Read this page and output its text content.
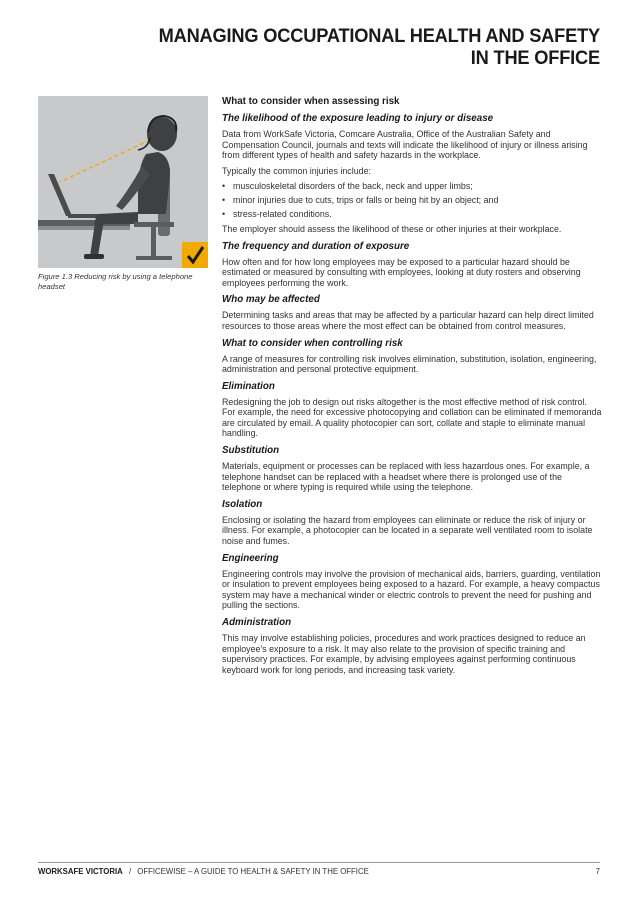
MANAGING OCCUPATIONAL HEALTH AND SAFETY
IN THE OFFICE
Figure 1.3 Reducing risk by using a telephone headset
What to consider when assessing risk
The likelihood of the exposure leading to injury or disease

Data from WorkSafe Victoria, Comcare Australia, Office of the Australian Safety and Compensation Council, journals and texts will indicate the likelihood of injury or illness arising from different types of health and safety hazards in the workplace.

Typically the common injuries include:

• musculoskeletal disorders of the back, neck and upper limbs;
• minor injuries due to cuts, trips or falls or being hit by an object; and
• stress-related conditions.

The employer should assess the likelihood of these or other injuries at their workplace.

The frequency and duration of exposure

How often and for how long employees may be exposed to a particular hazard should be estimated or measured by consulting with employees, looking at duty rosters and observing employees performing the work.

Who may be affected

Determining tasks and areas that may be affected by a particular hazard can help direct limited resources to those areas where the most effect can be obtained from control measures.

What to consider when controlling risk

A range of measures for controlling risk involves elimination, substitution, isolation, engineering, administration and personal protective equipment.

Elimination

Redesigning the job to design out risks altogether is the most effective method of risk control. For example, the need for excessive photocopying and collation can be eliminated if memoranda are circulated by email. A quality photocopier can sort, collate and staple to eliminate manual handling.

Substitution

Materials, equipment or processes can be replaced with less hazardous ones. For example, a telephone handset can be replaced with a headset where there is prolonged use of the telephone or where typing is required while using the telephone.

Isolation

Enclosing or isolating the hazard from employees can eliminate or reduce the risk of injury or illness. For example, a photocopier can be located in a separate well ventilated room to isolate noise and fumes.

Engineering

Engineering controls may involve the provision of mechanical aids, barriers, guarding, ventilation or insulation to prevent employees being exposed to a hazard. For example, a heavy compactus system may have a mechanical winder or electric controls to prevent the need for pushing and pulling the sections.

Administration

This may involve establishing policies, procedures and work practices designed to reduce an employee's exposure to a risk. It may also relate to the provision of specific training and supervisory practices. For example, by advising employees against performing continuous keyboard work for long periods, and increasing task variety.

WORKSAFE VICTORIA / OFFICEWISE – A GUIDE TO HEALTH & SAFETY IN THE OFFICE	7
